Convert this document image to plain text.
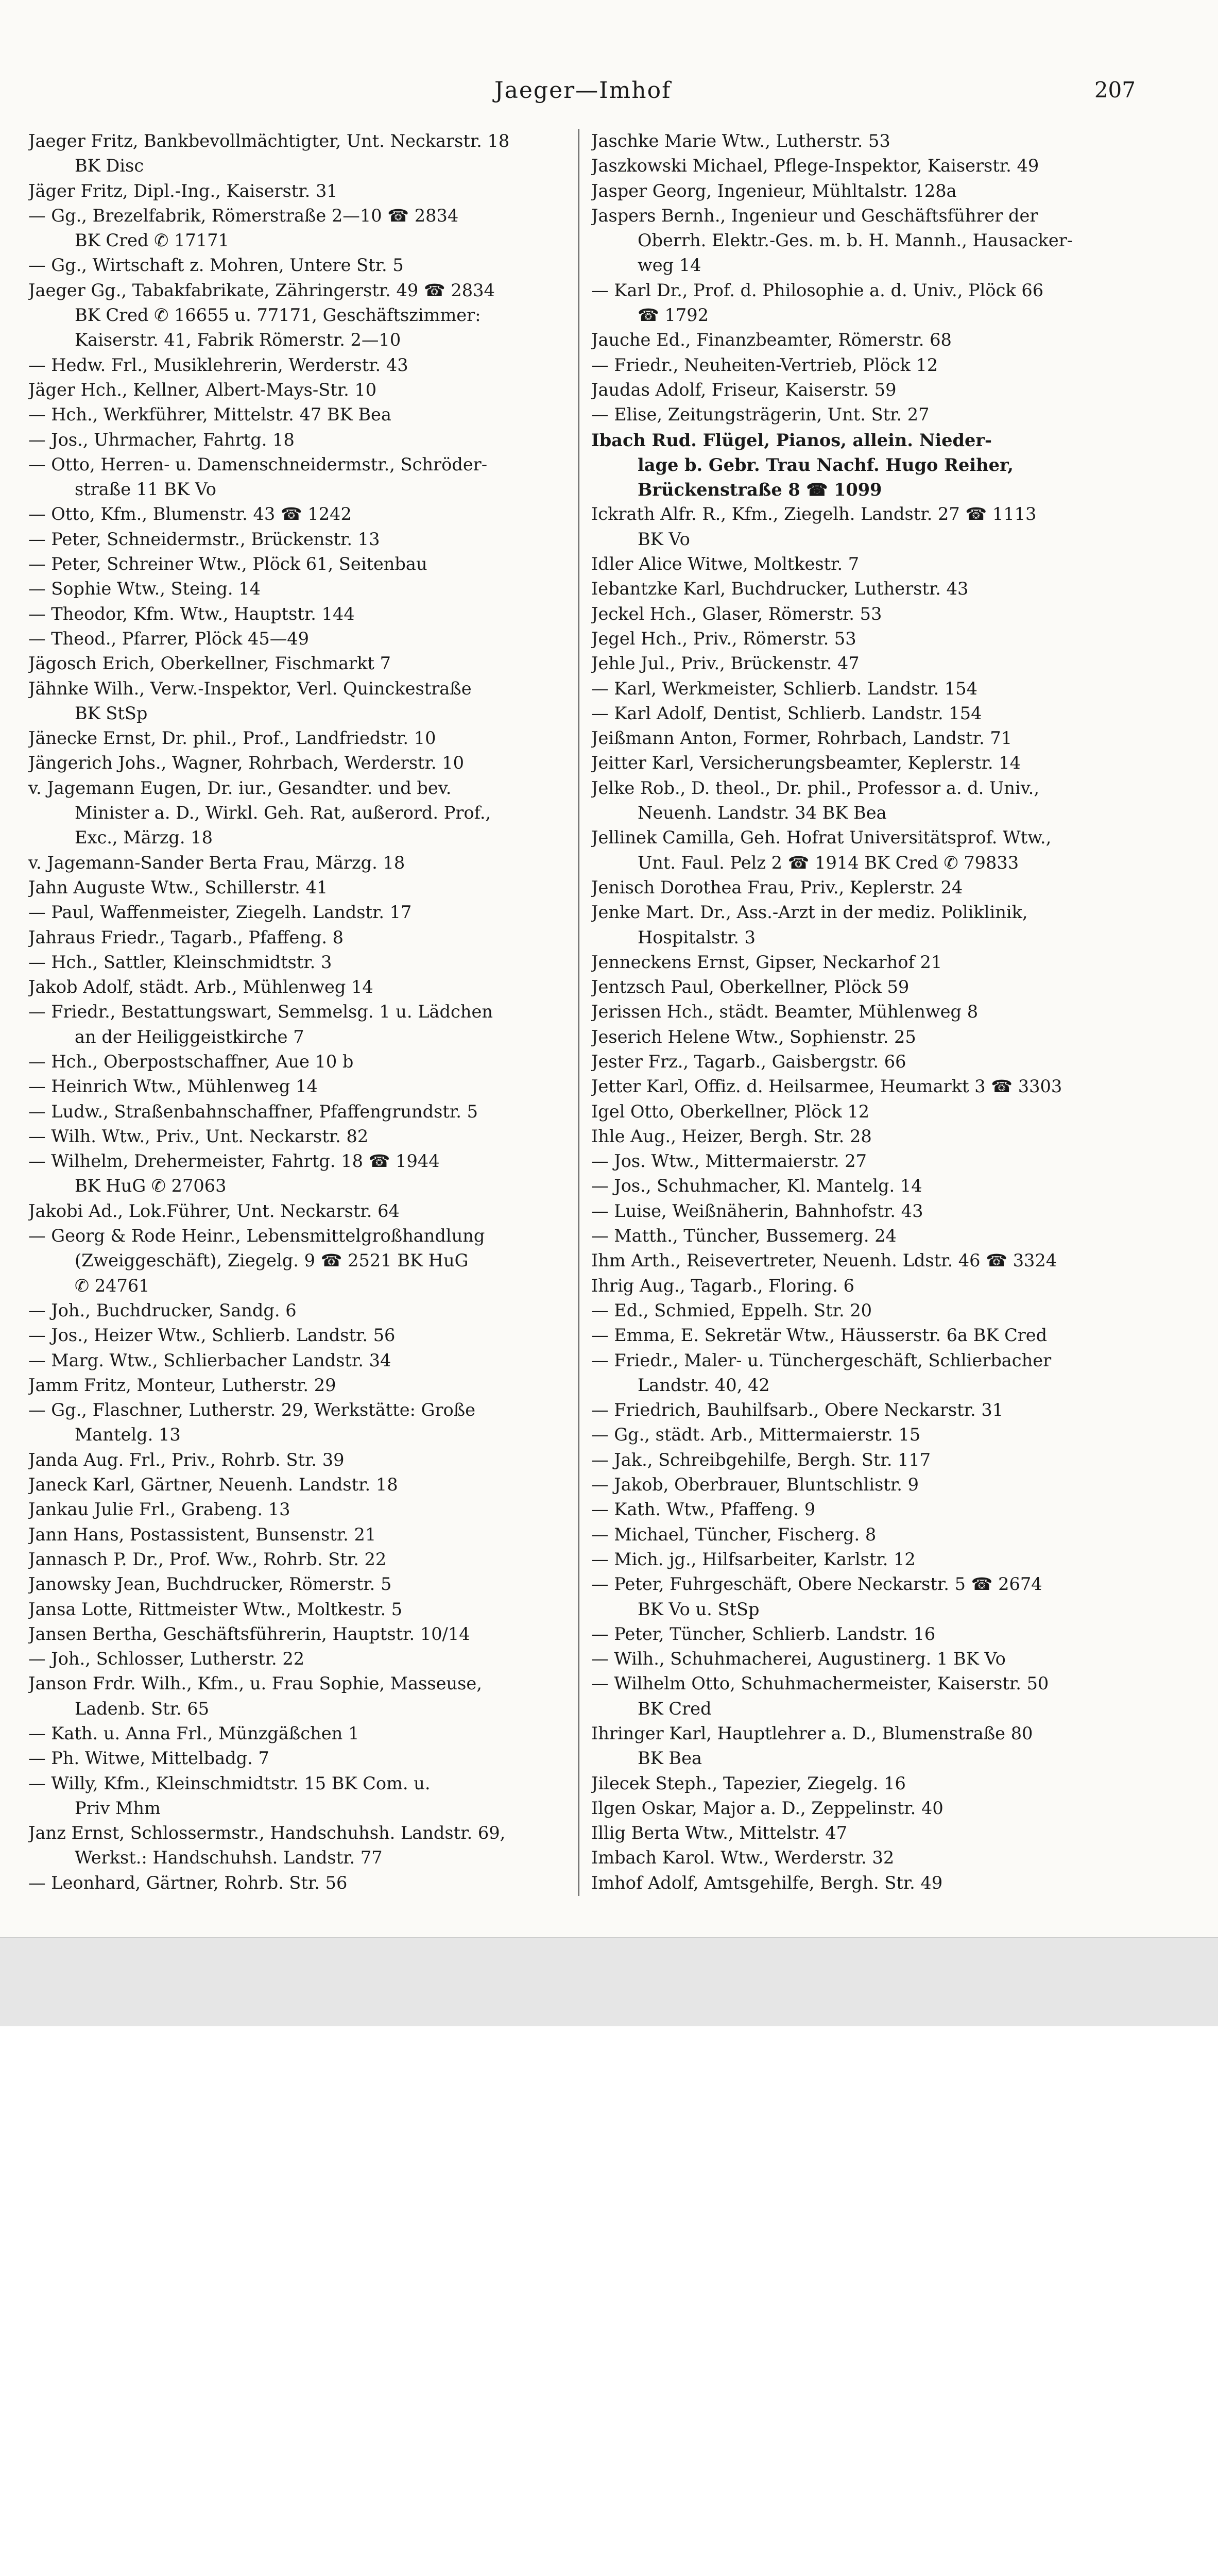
Jaeger—Imhof	207
Jaeger Fritz, Bankbevollmächtigter, Unt. Neckarstr. 18
BK Disc
Jäger Fritz, Dipl.-Ing., Kaiserstr. 31
— Gg., Brezelfabrik, Römerstraße 2—10 ☎ 2834
BK Cred ✆ 17171
— Gg., Wirtschaft z. Mohren, Untere Str. 5
Jaeger Gg., Tabakfabrikate, Zähringerstr. 49 ☎ 2834
BK Cred ✆ 16655 u. 77171, Geschäftszimmer:
Kaiserstr. 41, Fabrik Römerstr. 2—10
— Hedw. Frl., Musiklehrerin, Werderstr. 43
Jäger Hch., Kellner, Albert-Mays-Str. 10
— Hch., Werkführer, Mittelstr. 47 BK Bea
— Jos., Uhrmacher, Fahrtg. 18
— Otto, Herren- u. Damenschneidermstr., Schröder-
straße 11 BK Vo
— Otto, Kfm., Blumenstr. 43 ☎ 1242
— Peter, Schneidermstr., Brückenstr. 13
— Peter, Schreiner Wtw., Plöck 61, Seitenbau
— Sophie Wtw., Steing. 14
— Theodor, Kfm. Wtw., Hauptstr. 144
— Theod., Pfarrer, Plöck 45—49
Jägosch Erich, Oberkellner, Fischmarkt 7
Jähnke Wilh., Verw.-Inspektor, Verl. Quinckestraße
BK StSp
Jänecke Ernst, Dr. phil., Prof., Landfriedstr. 10
Jängerich Johs., Wagner, Rohrbach, Werderstr. 10
v. Jagemann Eugen, Dr. iur., Gesandter. und bev.
Minister a. D., Wirkl. Geh. Rat, außerord. Prof.,
Exc., Märzg. 18
v. Jagemann-Sander Berta Frau, Märzg. 18
Jahn Auguste Wtw., Schillerstr. 41
— Paul, Waffenmeister, Ziegelh. Landstr. 17
Jahraus Friedr., Tagarb., Pfaffeng. 8
— Hch., Sattler, Kleinschmidtstr. 3
Jakob Adolf, städt. Arb., Mühlenweg 14
— Friedr., Bestattungswart, Semmelsg. 1 u. Lädchen
an der Heiliggeistkirche 7
— Hch., Oberpostschaffner, Aue 10 b
— Heinrich Wtw., Mühlenweg 14
— Ludw., Straßenbahnschaffner, Pfaffengrundstr. 5
— Wilh. Wtw., Priv., Unt. Neckarstr. 82
— Wilhelm, Drehermeister, Fahrtg. 18 ☎ 1944
BK HuG ✆ 27063
Jakobi Ad., Lok.Führer, Unt. Neckarstr. 64
— Georg & Rode Heinr., Lebensmittelgroßhandlung
(Zweiggeschäft), Ziegelg. 9 ☎ 2521 BK HuG
✆ 24761
— Joh., Buchdrucker, Sandg. 6
— Jos., Heizer Wtw., Schlierb. Landstr. 56
— Marg. Wtw., Schlierbacher Landstr. 34
Jamm Fritz, Monteur, Lutherstr. 29
— Gg., Flaschner, Lutherstr. 29, Werkstätte: Große
Mantelg. 13
Janda Aug. Frl., Priv., Rohrb. Str. 39
Janeck Karl, Gärtner, Neuenh. Landstr. 18
Jankau Julie Frl., Grabeng. 13
Jann Hans, Postassistent, Bunsenstr. 21
Jannasch P. Dr., Prof. Ww., Rohrb. Str. 22
Janowsky Jean, Buchdrucker, Römerstr. 5
Jansa Lotte, Rittmeister Wtw., Moltkestr. 5
Jansen Bertha, Geschäftsführerin, Hauptstr. 10/14
— Joh., Schlosser, Lutherstr. 22
Janson Frdr. Wilh., Kfm., u. Frau Sophie, Masseuse,
Ladenb. Str. 65
— Kath. u. Anna Frl., Münzgäßchen 1
— Ph. Witwe, Mittelbadg. 7
— Willy, Kfm., Kleinschmidtstr. 15 BK Com. u.
Priv Mhm
Janz Ernst, Schlossermstr., Handschuhsh. Landstr. 69,
Werkst.: Handschuhsh. Landstr. 77
— Leonhard, Gärtner, Rohrb. Str. 56
Jaschke Marie Wtw., Lutherstr. 53
Jaszkowski Michael, Pflege-Inspektor, Kaiserstr. 49
Jasper Georg, Ingenieur, Mühltalstr. 128a
Jaspers Bernh., Ingenieur und Geschäftsführer der
Oberrh. Elektr.-Ges. m. b. H. Mannh., Hausacker-
weg 14
— Karl Dr., Prof. d. Philosophie a. d. Univ., Plöck 66
☎ 1792
Jauche Ed., Finanzbeamter, Römerstr. 68
— Friedr., Neuheiten-Vertrieb, Plöck 12
Jaudas Adolf, Friseur, Kaiserstr. 59
— Elise, Zeitungsträgerin, Unt. Str. 27
Ibach Rud. Flügel, Pianos, allein. Nieder-
lage b. Gebr. Trau Nachf. Hugo Reiher,
Brückenstraße 8 ☎ 1099
Ickrath Alfr. R., Kfm., Ziegelh. Landstr. 27 ☎ 1113
BK Vo
Idler Alice Witwe, Moltkestr. 7
Iebantzke Karl, Buchdrucker, Lutherstr. 43
Jeckel Hch., Glaser, Römerstr. 53
Jegel Hch., Priv., Römerstr. 53
Jehle Jul., Priv., Brückenstr. 47
— Karl, Werkmeister, Schlierb. Landstr. 154
— Karl Adolf, Dentist, Schlierb. Landstr. 154
Jeißmann Anton, Former, Rohrbach, Landstr. 71
Jeitter Karl, Versicherungsbeamter, Keplerstr. 14
Jelke Rob., D. theol., Dr. phil., Professor a. d. Univ.,
Neuenh. Landstr. 34 BK Bea
Jellinek Camilla, Geh. Hofrat Universitätsprof. Wtw.,
Unt. Faul. Pelz 2 ☎ 1914 BK Cred ✆ 79833
Jenisch Dorothea Frau, Priv., Keplerstr. 24
Jenke Mart. Dr., Ass.-Arzt in der mediz. Poliklinik,
Hospitalstr. 3
Jenneckens Ernst, Gipser, Neckarhof 21
Jentzsch Paul, Oberkellner, Plöck 59
Jerissen Hch., städt. Beamter, Mühlenweg 8
Jeserich Helene Wtw., Sophienstr. 25
Jester Frz., Tagarb., Gaisbergstr. 66
Jetter Karl, Offiz. d. Heilsarmee, Heumarkt 3 ☎ 3303
Igel Otto, Oberkellner, Plöck 12
Ihle Aug., Heizer, Bergh. Str. 28
— Jos. Wtw., Mittermaierstr. 27
— Jos., Schuhmacher, Kl. Mantelg. 14
— Luise, Weißnäherin, Bahnhofstr. 43
— Matth., Tüncher, Bussemerg. 24
Ihm Arth., Reisevertreter, Neuenh. Ldstr. 46 ☎ 3324
Ihrig Aug., Tagarb., Floring. 6
— Ed., Schmied, Eppelh. Str. 20
— Emma, E. Sekretär Wtw., Häusserstr. 6a BK Cred
— Friedr., Maler- u. Tünchergeschäft, Schlierbacher
Landstr. 40, 42
— Friedrich, Bauhilfsarb., Obere Neckarstr. 31
— Gg., städt. Arb., Mittermaierstr. 15
— Jak., Schreibgehilfe, Bergh. Str. 117
— Jakob, Oberbrauer, Bluntschlistr. 9
— Kath. Wtw., Pfaffeng. 9
— Michael, Tüncher, Fischerg. 8
— Mich. jg., Hilfsarbeiter, Karlstr. 12
— Peter, Fuhrgeschäft, Obere Neckarstr. 5 ☎ 2674
BK Vo u. StSp
— Peter, Tüncher, Schlierb. Landstr. 16
— Wilh., Schuhmacherei, Augustinerg. 1 BK Vo
— Wilhelm Otto, Schuhmachermeister, Kaiserstr. 50
BK Cred
Ihringer Karl, Hauptlehrer a. D., Blumenstraße 80
BK Bea
Jilecek Steph., Tapezier, Ziegelg. 16
Ilgen Oskar, Major a. D., Zeppelinstr. 40
Illig Berta Wtw., Mittelstr. 47
Imbach Karol. Wtw., Werderstr. 32
Imhof Adolf, Amtsgehilfe, Bergh. Str. 49
